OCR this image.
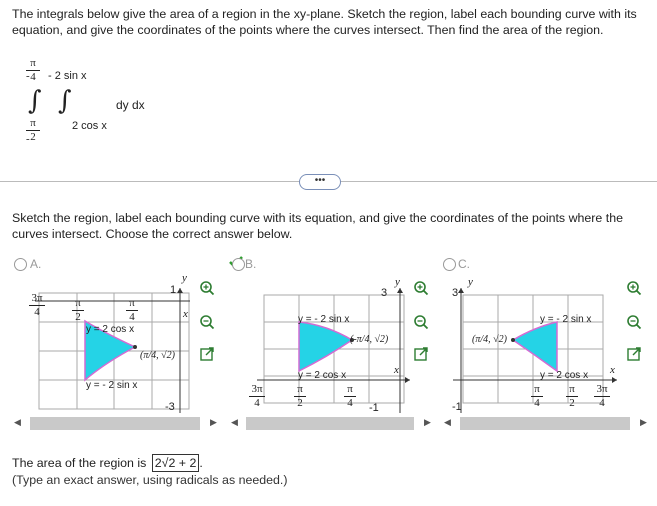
The integrals below give the area of a region in the xy-plane. Sketch the region, label each bounding curve with its equation, and give the coordinates of the points where the curves intersect. Then find the area of the region.
π
4
- - 2 sin x
∫ ∫	dy dx
π
2
-
2 cos x
•••
Sketch the region, label each bounding curve with its equation, and give the coordinates of the points where the curves intersect. Choose the correct answer below.
A.
3π
4
π
2
π
4
1
y
x
-3
y = 2 cos x
y = - 2 sin x
(π/4, √2)
B.
3
y
x
-1
y = - 2 sin x
y = 2 cos x
(-π/4, √2)
3π
4
π
2
π
4
C.
3
y
x
-1
y = - 2 sin x
y = 2 cos x
(π/4, √2)
π
4
π
2
3π
4
◀	▶ ◀	▶ ◀	▶
The area of the region is 2√2 + 2 .
(Type an exact answer, using radicals as needed.)
